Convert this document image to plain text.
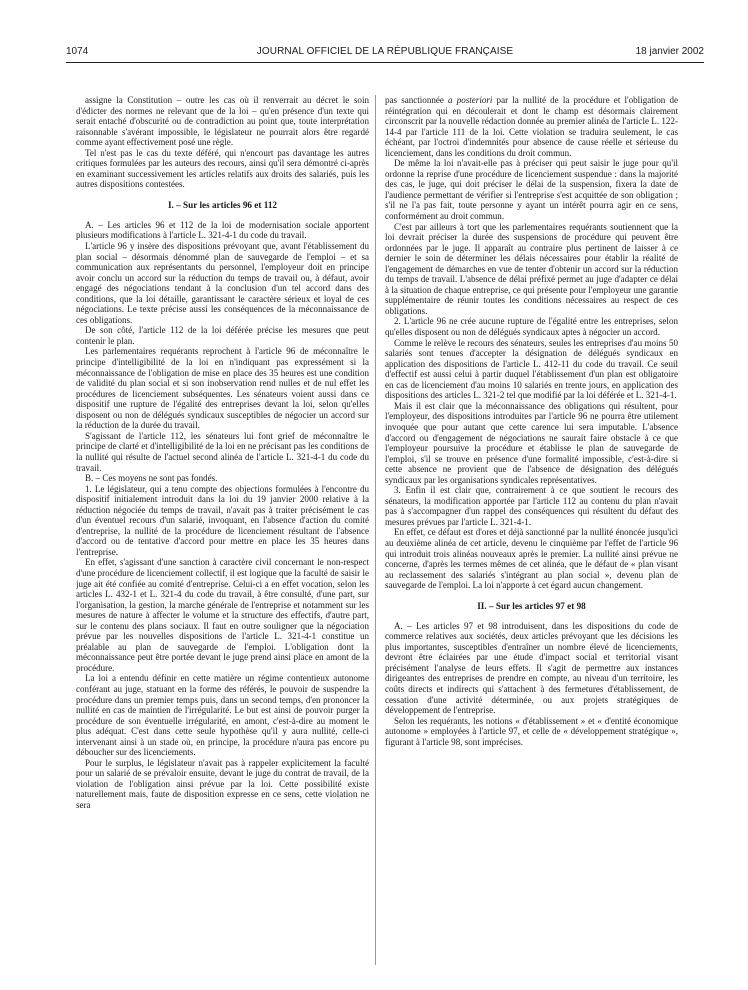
1074	JOURNAL OFFICIEL DE LA RÉPUBLIQUE FRANÇAISE	18 janvier 2002

assigne la Constitution – outre les cas où il renverrait au décret le soin d'édicter des normes ne relevant que de la loi – qu'en présence d'un texte qui serait entaché d'obscurité ou de contradiction au point que, toute interprétation raisonnable s'avérant impossible, le législateur ne pourrait alors être regardé comme ayant effectivement posé une règle.

Tel n'est pas le cas du texte déféré, qui n'encourt pas davantage les autres critiques formulées par les auteurs des recours, ainsi qu'il sera démontré ci-après en examinant successivement les articles relatifs aux droits des salariés, puis les autres dispositions contestées.

I. – Sur les articles 96 et 112

A. – Les articles 96 et 112 de la loi de modernisation sociale apportent plusieurs modifications à l'article L. 321-4-1 du code du travail.

L'article 96 y insère des dispositions prévoyant que, avant l'établissement du plan social – désormais dénommé plan de sauvegarde de l'emploi – et sa communication aux représentants du personnel, l'employeur doit en principe avoir conclu un accord sur la réduction du temps de travail ou, à défaut, avoir engagé des négociations tendant à la conclusion d'un tel accord dans des conditions, que la loi détaille, garantissant le caractère sérieux et loyal de ces négociations. Le texte précise aussi les conséquences de la méconnaissance de ces obligations.

De son côté, l'article 112 de la loi déférée précise les mesures que peut contenir le plan.

Les parlementaires requérants reprochent à l'article 96 de méconnaître le principe d'intelligibilité de la loi en n'indiquant pas expressément si la méconnaissance de l'obligation de mise en place des 35 heures est une condition de validité du plan social et si son inobservation rend nulles et de nul effet les procédures de licenciement subséquentes. Les sénateurs voient aussi dans ce dispositif une rupture de l'égalité des entreprises devant la loi, selon qu'elles disposent ou non de délégués syndicaux susceptibles de négocier un accord sur la réduction de la durée du travail.

S'agissant de l'article 112, les sénateurs lui font grief de méconnaître le principe de clarté et d'intelligibilité de la loi en ne précisant pas les conditions de la nullité qui résulte de l'actuel second alinéa de l'article L. 321-4-1 du code du travail.

B. – Ces moyens ne sont pas fondés.

1. Le législateur, qui a tenu compte des objections formulées à l'encontre du dispositif initialement introduit dans la loi du 19 janvier 2000 relative à la réduction négociée du temps de travail, n'avait pas à traiter précisément le cas d'un éventuel recours d'un salarié, invoquant, en l'absence d'action du comité d'entreprise, la nullité de la procédure de licenciement résultant de l'absence d'accord ou de tentative d'accord pour mettre en place les 35 heures dans l'entreprise.

En effet, s'agissant d'une sanction à caractère civil concernant le non-respect d'une procédure de licenciement collectif, il est logique que la faculté de saisir le juge ait été confiée au comité d'entreprise. Celui-ci a en effet vocation, selon les articles L. 432-1 et L. 321-4 du code du travail, à être consulté, d'une part, sur l'organisation, la gestion, la marche générale de l'entreprise et notamment sur les mesures de nature à affecter le volume et la structure des effectifs, d'autre part, sur le contenu des plans sociaux. Il faut en outre souligner que la négociation prévue par les nouvelles dispositions de l'article L. 321-4-1 constitue un préalable au plan de sauvegarde de l'emploi. L'obligation dont la méconnaissance peut être portée devant le juge prend ainsi place en amont de la procédure.

La loi a entendu définir en cette matière un régime contentieux autonome conférant au juge, statuant en la forme des référés, le pouvoir de suspendre la procédure dans un premier temps puis, dans un second temps, d'en prononcer la nullité en cas de maintien de l'irrégularité. Le but est ainsi de pouvoir purger la procédure de son éventuelle irrégularité, en amont, c'est-à-dire au moment le plus adéquat. C'est dans cette seule hypothèse qu'il y aura nullité, celle-ci intervenant ainsi à un stade où, en principe, la procédure n'aura pas encore pu déboucher sur des licenciements.

Pour le surplus, le législateur n'avait pas à rappeler explicitement la faculté pour un salarié de se prévaloir ensuite, devant le juge du contrat de travail, de la violation de l'obligation ainsi prévue par la loi. Cette possibilité existe naturellement mais, faute de disposition expresse en ce sens, cette violation ne sera

pas sanctionnée a posteriori par la nullité de la procédure et l'obligation de réintégration qui en découlerait et dont le champ est désormais clairement circonscrit par la nouvelle rédaction donnée au premier alinéa de l'article L. 122-14-4 par l'article 111 de la loi. Cette violation se traduira seulement, le cas échéant, par l'octroi d'indemnités pour absence de cause réelle et sérieuse du licenciement, dans les conditions du droit commun.

De même la loi n'avait-elle pas à préciser qui peut saisir le juge pour qu'il ordonne la reprise d'une procédure de licenciement suspendue : dans la majorité des cas, le juge, qui doit préciser le délai de la suspension, fixera la date de l'audience permettant de vérifier si l'entreprise s'est acquittée de son obligation ; s'il ne l'a pas fait, toute personne y ayant un intérêt pourra agir en ce sens, conformément au droit commun.

C'est par ailleurs à tort que les parlementaires requérants soutiennent que la loi devrait préciser la durée des suspensions de procédure qui peuvent être ordonnées par le juge. Il apparaît au contraire plus pertinent de laisser à ce dernier le soin de déterminer les délais nécessaires pour établir la réalité de l'engagement de démarches en vue de tenter d'obtenir un accord sur la réduction du temps de travail. L'absence de délai préfixé permet au juge d'adapter ce délai à la situation de chaque entreprise, ce qui présente pour l'employeur une garantie supplémentaire de réunir toutes les conditions nécessaires au respect de ces obligations.

2. L'article 96 ne crée aucune rupture de l'égalité entre les entreprises, selon qu'elles disposent ou non de délégués syndicaux aptes à négocier un accord.

Comme le relève le recours des sénateurs, seules les entreprises d'au moins 50 salariés sont tenues d'accepter la désignation de délégués syndicaux en application des dispositions de l'article L. 412-11 du code du travail. Ce seuil d'effectif est aussi celui à partir duquel l'établissement d'un plan est obligatoire en cas de licenciement d'au moins 10 salariés en trente jours, en application des dispositions des articles L. 321-2 tel que modifié par la loi déférée et L. 321-4-1.

Mais il est clair que la méconnaissance des obligations qui résultent, pour l'employeur, des dispositions introduites par l'article 96 ne pourra être utilement invoquée que pour autant que cette carence lui sera imputable. L'absence d'accord ou d'engagement de négociations ne saurait faire obstacle à ce que l'employeur poursuive la procédure et établisse le plan de sauvegarde de l'emploi, s'il se trouve en présence d'une formalité impossible, c'est-à-dire si cette absence ne provient que de l'absence de désignation des délégués syndicaux par les organisations syndicales représentatives.

3. Enfin il est clair que, contrairement à ce que soutient le recours des sénateurs, la modification apportée par l'article 112 au contenu du plan n'avait pas à s'accompagner d'un rappel des conséquences qui résultent du défaut des mesures prévues par l'article L. 321-4-1.

En effet, ce défaut est d'ores et déjà sanctionné par la nullité énoncée jusqu'ici au deuxième alinéa de cet article, devenu le cinquième par l'effet de l'article 96 qui introduit trois alinéas nouveaux après le premier. La nullité ainsi prévue ne concerne, d'après les termes mêmes de cet alinéa, que le défaut de « plan visant au reclassement des salariés s'intégrant au plan social », devenu plan de sauvegarde de l'emploi. La loi n'apporte à cet égard aucun changement.

II. – Sur les articles 97 et 98

A. – Les articles 97 et 98 introduisent, dans les dispositions du code de commerce relatives aux sociétés, deux articles prévoyant que les décisions les plus importantes, susceptibles d'entraîner un nombre élevé de licenciements, devront être éclairées par une étude d'impact social et territorial visant précisément l'analyse de leurs effets. Il s'agit de permettre aux instances dirigeantes des entreprises de prendre en compte, au niveau d'un territoire, les coûts directs et indirects qui s'attachent à des fermetures d'établissement, de cessation d'une activité déterminée, ou aux projets stratégiques de développement de l'entreprise.

Selon les requérants, les notions « d'établissement » et « d'entité économique autonome » employées à l'article 97, et celle de « développement stratégique », figurant à l'article 98, sont imprécises.
